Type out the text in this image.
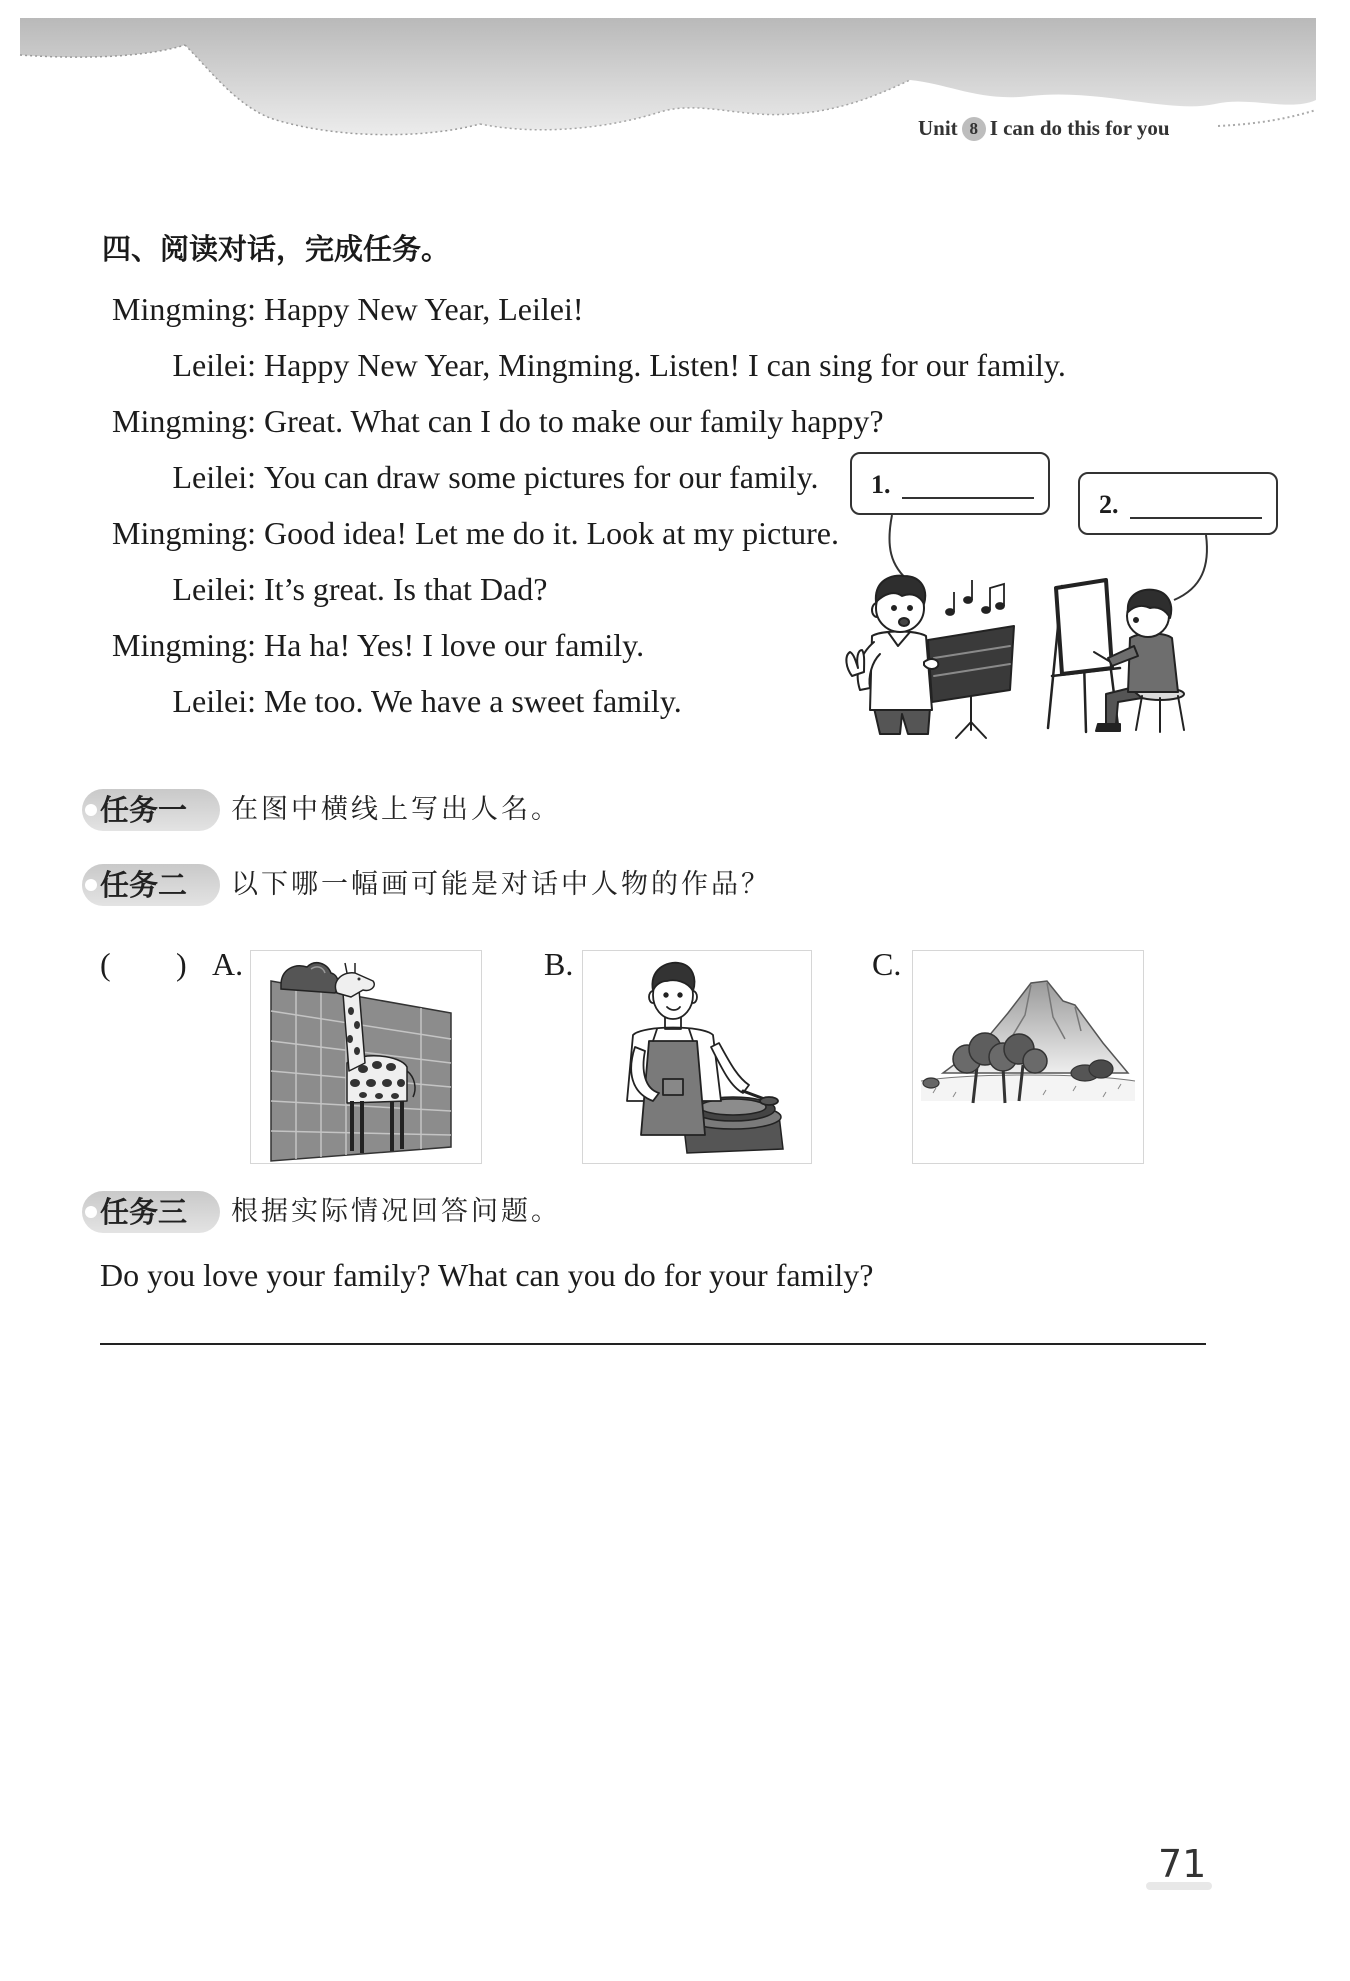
Unit 8 I can do this for you
四、阅读对话，完成任务。
Mingming: Happy New Year, Leilei!
Leilei: Happy New Year, Mingming. Listen! I can sing for our family.
Mingming: Great. What can I do to make our family happy?
Leilei: You can draw some pictures for our family.
Mingming: Good idea! Let me do it. Look at my picture.
Leilei: It’s great. Is that Dad?
Mingming: Ha ha! Yes! I love our family.
Leilei: Me too. We have a sweet family.
1.
2.
任务一 在图中横线上写出人名。
任务二 以下哪一幅画可能是对话中人物的作品？
( ) A.	B.	C.
任务三 根据实际情况回答问题。
Do you love your family? What can you do for your family?
71
